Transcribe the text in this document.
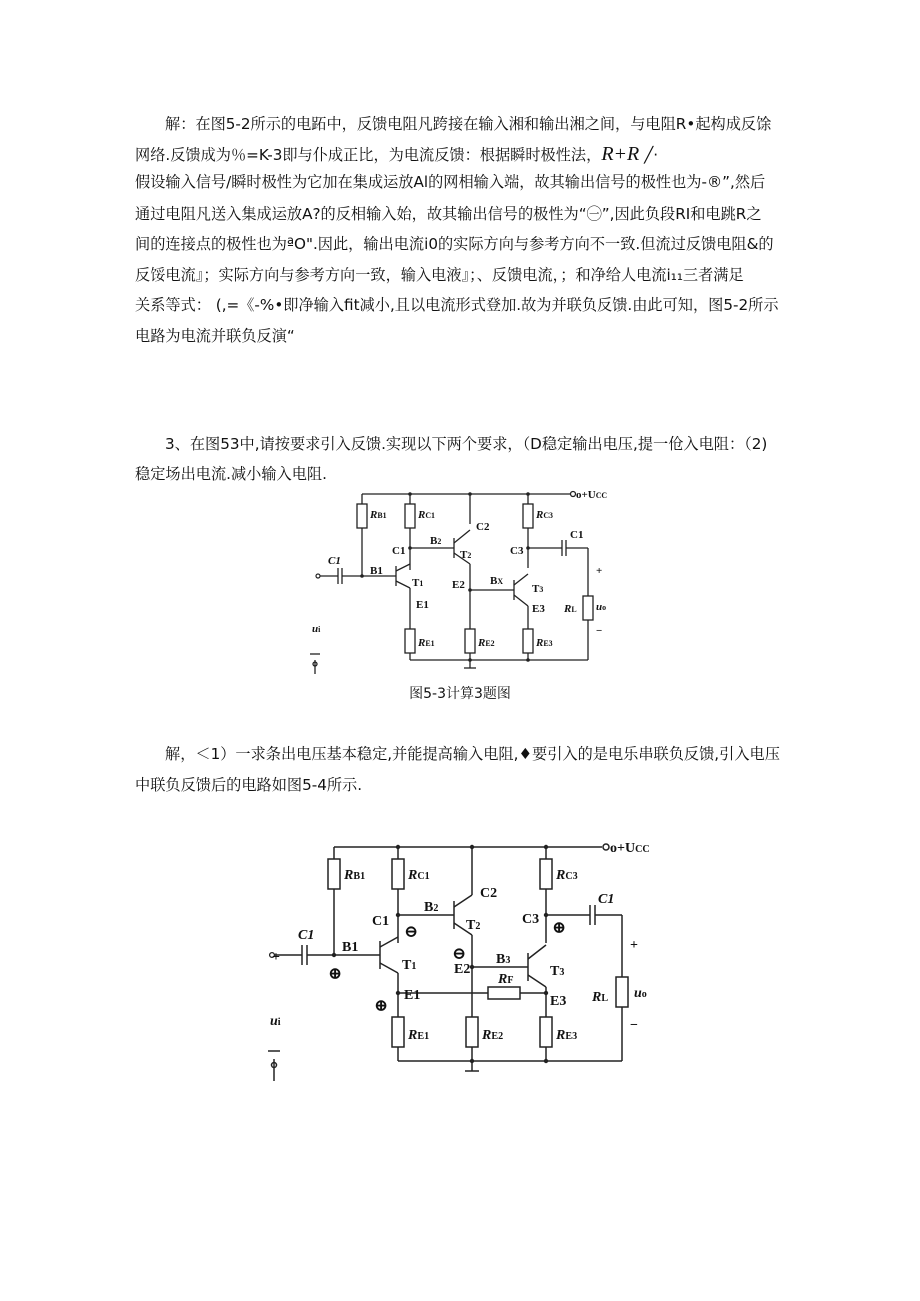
解：在图5-2所示的电跖中，反馈电阻凡跨接在输入湘和输出湘之间，与电阻R•起构成反馀
网络.反馈成为％=K-3即与仆成正比，为电流反馈：根据瞬时极性法，R+R ╱·
假设输入信号/瞬时极性为它加在集成运放Al的网相输入端，故其输出信号的极性也为-®”,然后
通过电阻凡送入集成运放A?的反相输入始，故其输出信号的极性为“㊀”,因此负段RI和电跳R之
间的连接点的极性也为ªO".因此，输出电流i0的实际方向与参考方向不一致.但流过反馈电阻&的
反馁电流』；实际方向与参考方向一致，输入电液』；、反馈电流，；和净给人电流i₁₁三者满足
关系等式： (,=《-%•即净输入fit减小,且以电流形式登加.故为并联负反馈.由此可知，图5-2所示
电路为电流并联负反演“
3、在图53中,请按要求引入反馈.实现以下两个要求，（D稳定输出电压,提一伧入电阻：（2)
稳定场出电流.减小输入电阻.
o+UCC
RB1	RC1	RC3
C2
C1
B2
T2	C3
C1
C1
B1
T1	E2 BX
T3
E1	E3
+
−
RL uo
RE1	RE2	RE3
ui

图5-3计算3题图

解，＜1）一求条出电压基本稳定,并能提高输入电阻,♦要引入的是电乐串联负反馈,引入电压
中联负反馈后的电路如图5-4所示.
o+UCC
RB1	RC1	RC3
C2
B2
T2
C1	C3
C1
C1
B1
T1	E2
B3
T3
E1
RF
E3
+
−
RL uo
RE1	RE2	RE3
+
ui
⊕
⊖
⊖
⊕
⊕
